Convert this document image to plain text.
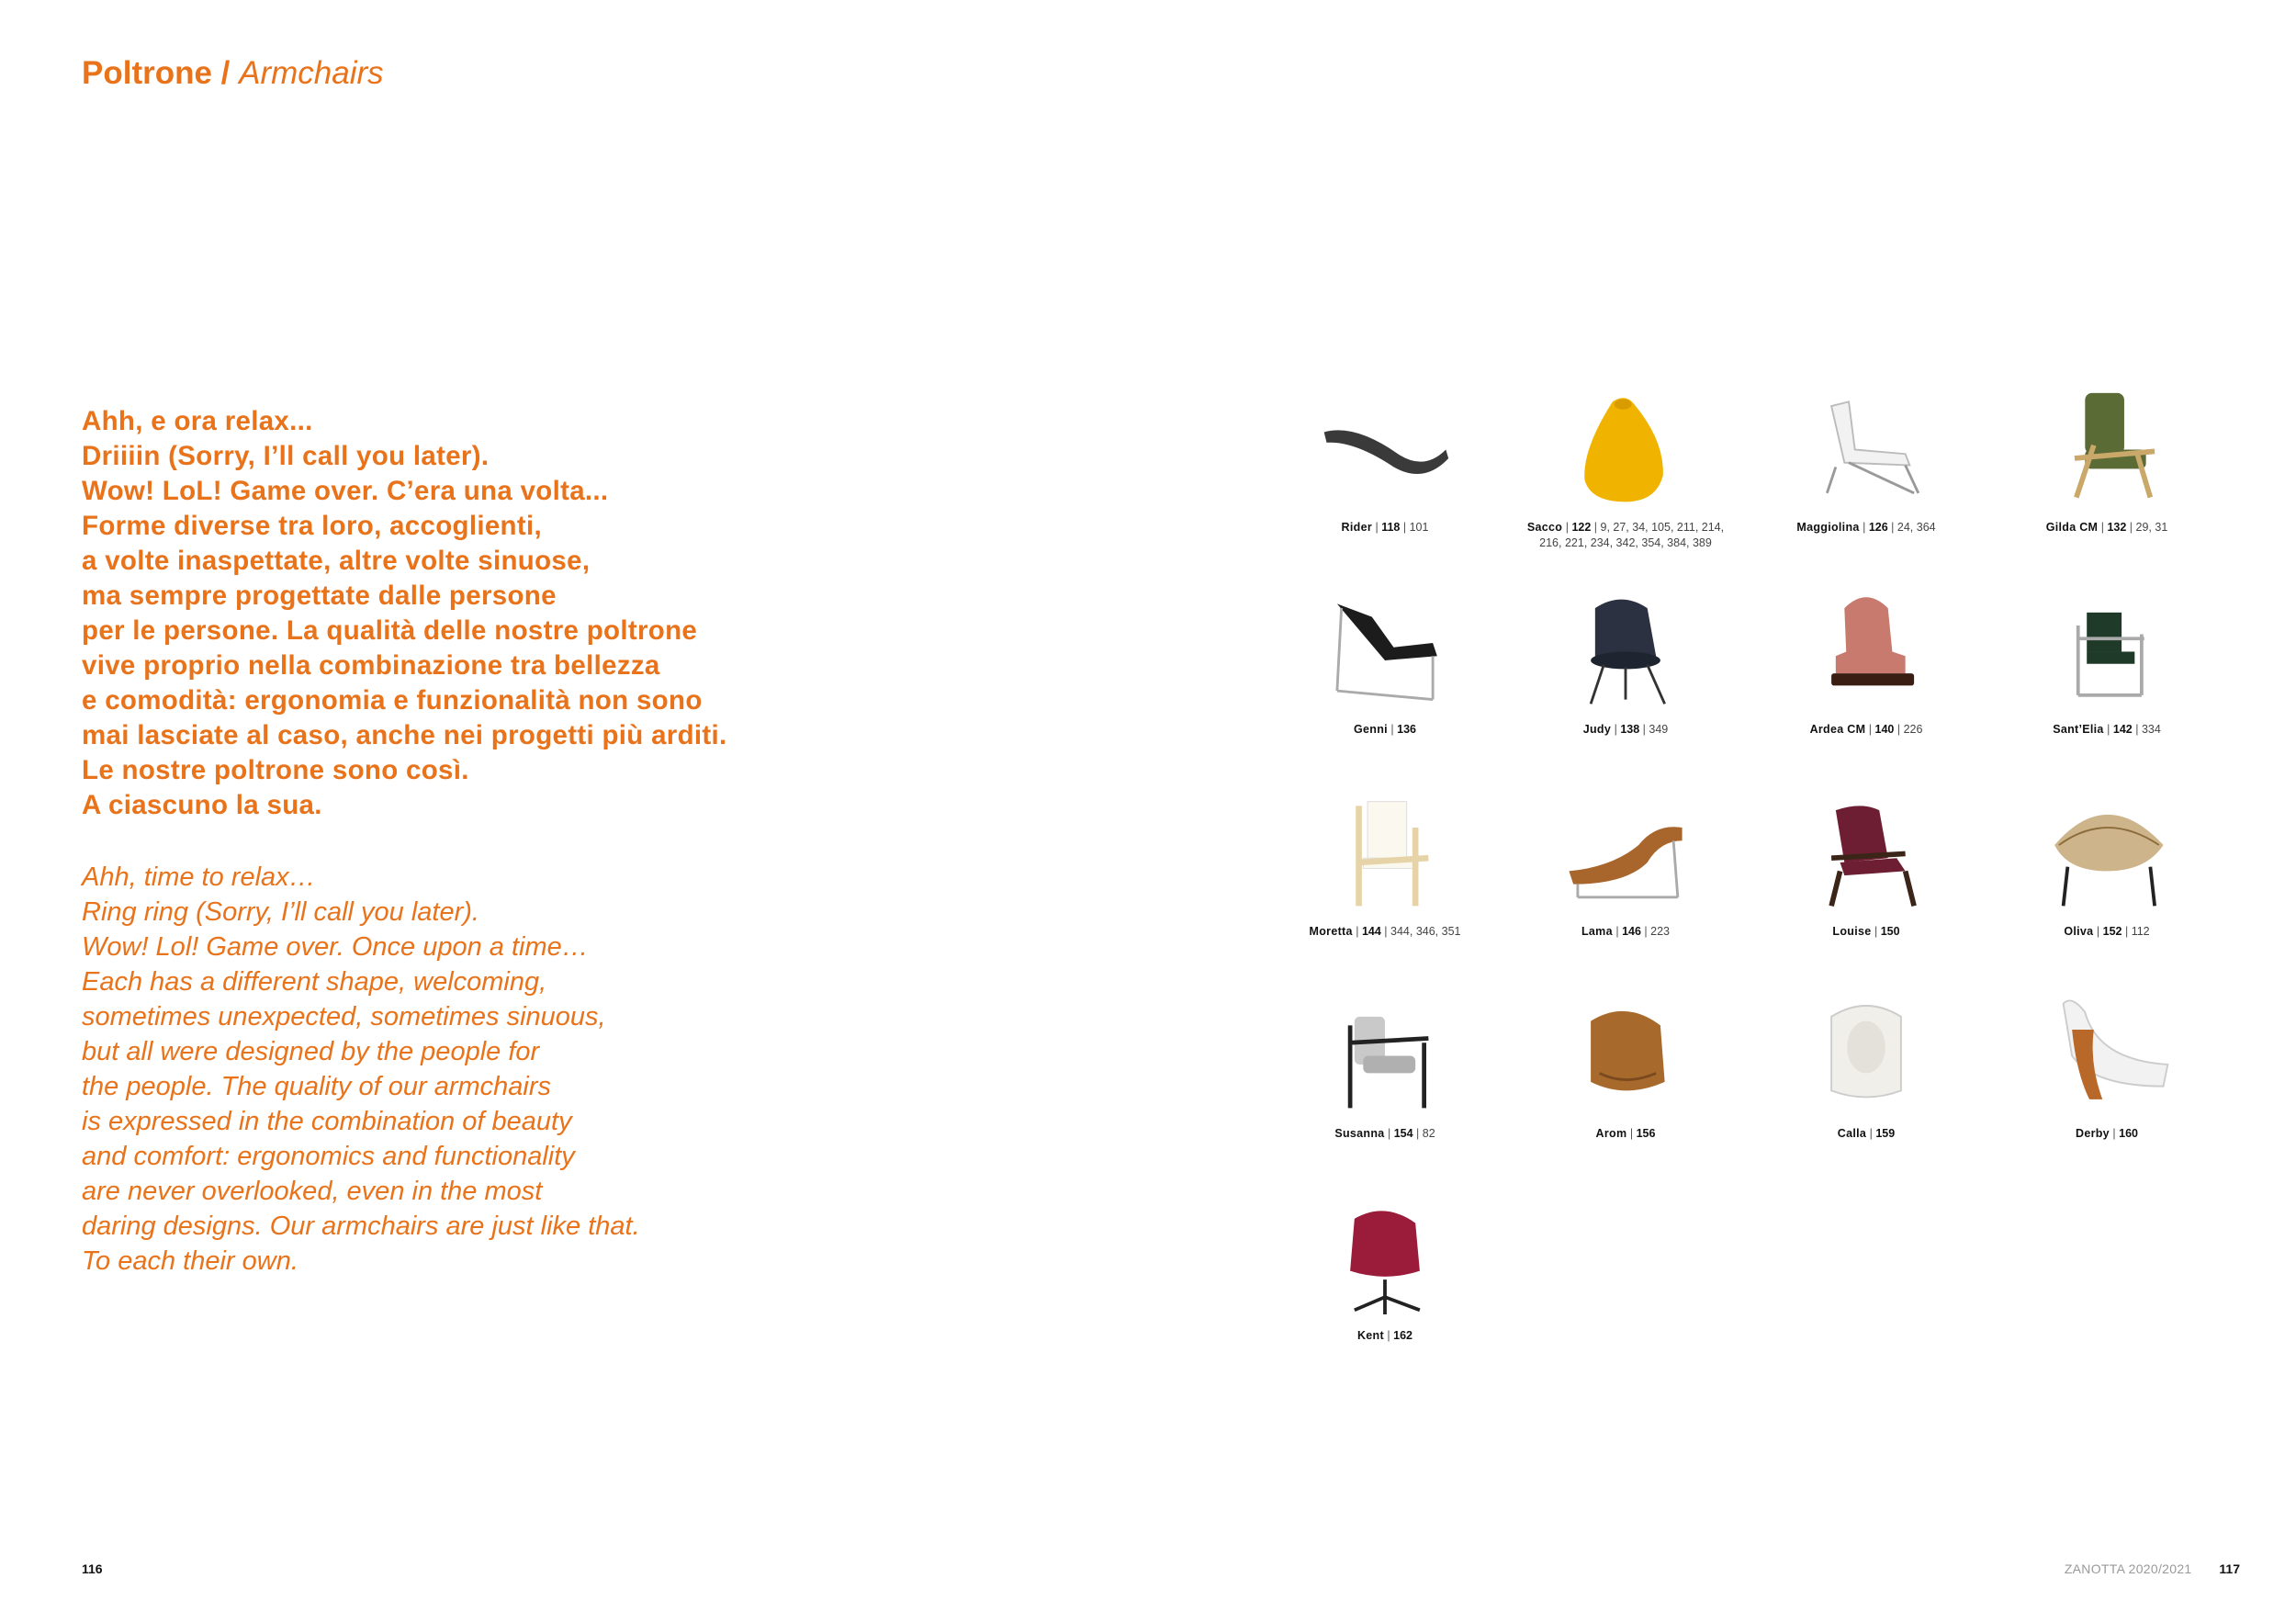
Poltrone / Armchairs
Ahh, e ora relax...
Driiiin (Sorry, I’ll call you later).
Wow! LoL! Game over. C’era una volta...
Forme diverse tra loro, accoglienti,
a volte inaspettate, altre volte sinuose,
ma sempre progettate dalle persone
per le persone. La qualità delle nostre poltrone
vive proprio nella combinazione tra bellezza
e comodità: ergonomia e funzionalità non sono
mai lasciate al caso, anche nei progetti più arditi.
Le nostre poltrone sono così.
A ciascuno la sua.
Ahh, time to relax…
Ring ring (Sorry, I’ll call you later).
Wow! Lol! Game over. Once upon a time…
Each has a different shape, welcoming,
sometimes unexpected, sometimes sinuous,
but all were designed by the people for
the people. The quality of our armchairs
is expressed in the combination of beauty
and comfort: ergonomics and functionality
are never overlooked, even in the most
daring designs. Our armchairs are just like that.
To each their own.
Rider | 118 | 101	Sacco | 122 | 9, 27, 34, 105, 211, 214,
216, 221, 234, 342, 354, 384, 389
Maggiolina | 126 | 24, 364	Gilda CM | 132 | 29, 31
Genni | 136	Judy | 138 | 349	Ardea CM | 140 | 226	Sant’Elia | 142 | 334
Moretta | 144 | 344, 346, 351	Lama | 146 | 223	Louise | 150	Oliva | 152 | 112
Susanna | 154 | 82	Arom | 156	Calla | 159	Derby | 160
Kent | 162
116	ZANOTTA 2020/2021 117
